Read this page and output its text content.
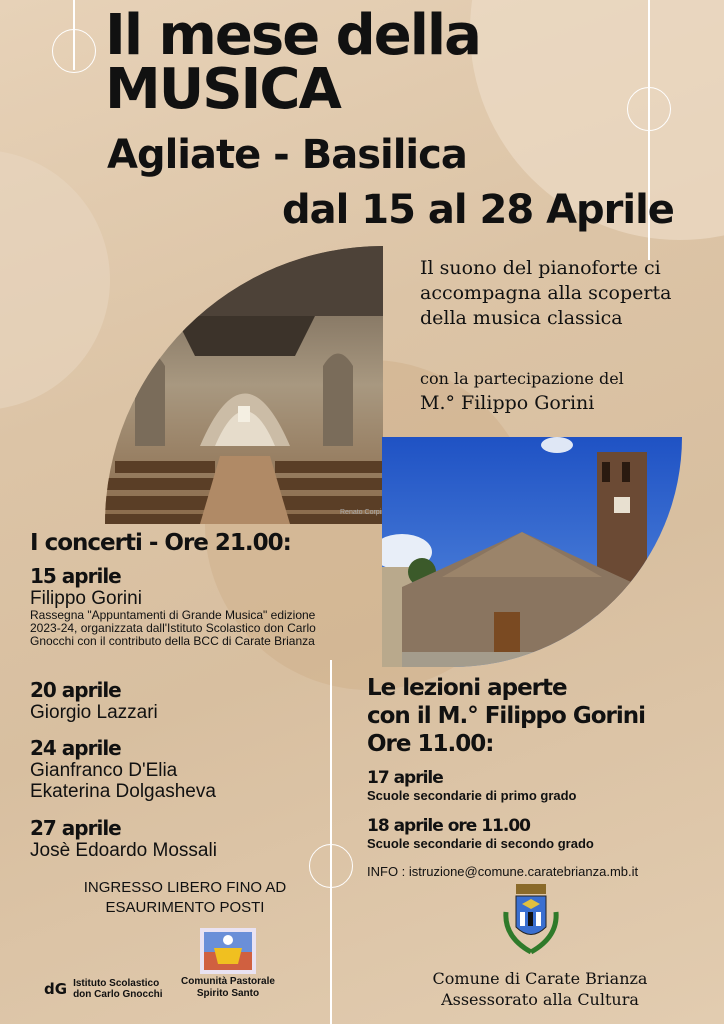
Il mese della
MUSICA
Agliate - Basilica
dal 15 al 28 Aprile
Renato Corpi
Il suono del pianoforte ci accompagna alla scoperta della musica classica
con la partecipazione del
M.° Filippo Gorini
I concerti - Ore 21.00:
15 aprile
Filippo Gorini
Rassegna "Appuntamenti di Grande Musica" edizione 2023-24, organizzata dall'Istituto Scolastico don Carlo Gnocchi con il contributo della BCC di Carate Brianza
20 aprile
Giorgio Lazzari
24 aprile
Gianfranco D'Elia
Ekaterina Dolgasheva
27 aprile
Josè Edoardo Mossali
INGRESSO LIBERO FINO AD ESAURIMENTO POSTI
Le lezioni aperte
con il M.° Filippo Gorini
Ore 11.00:
17 aprile
Scuole secondarie di primo grado
18 aprile ore 11.00
Scuole secondarie di secondo grado
INFO : istruzione@comune.caratebrianza.mb.it
Comune di Carate Brianza
Assessorato alla Cultura
dG Istituto Scolastico
don Carlo Gnocchi
Comunità Pastorale
Spirito Santo
